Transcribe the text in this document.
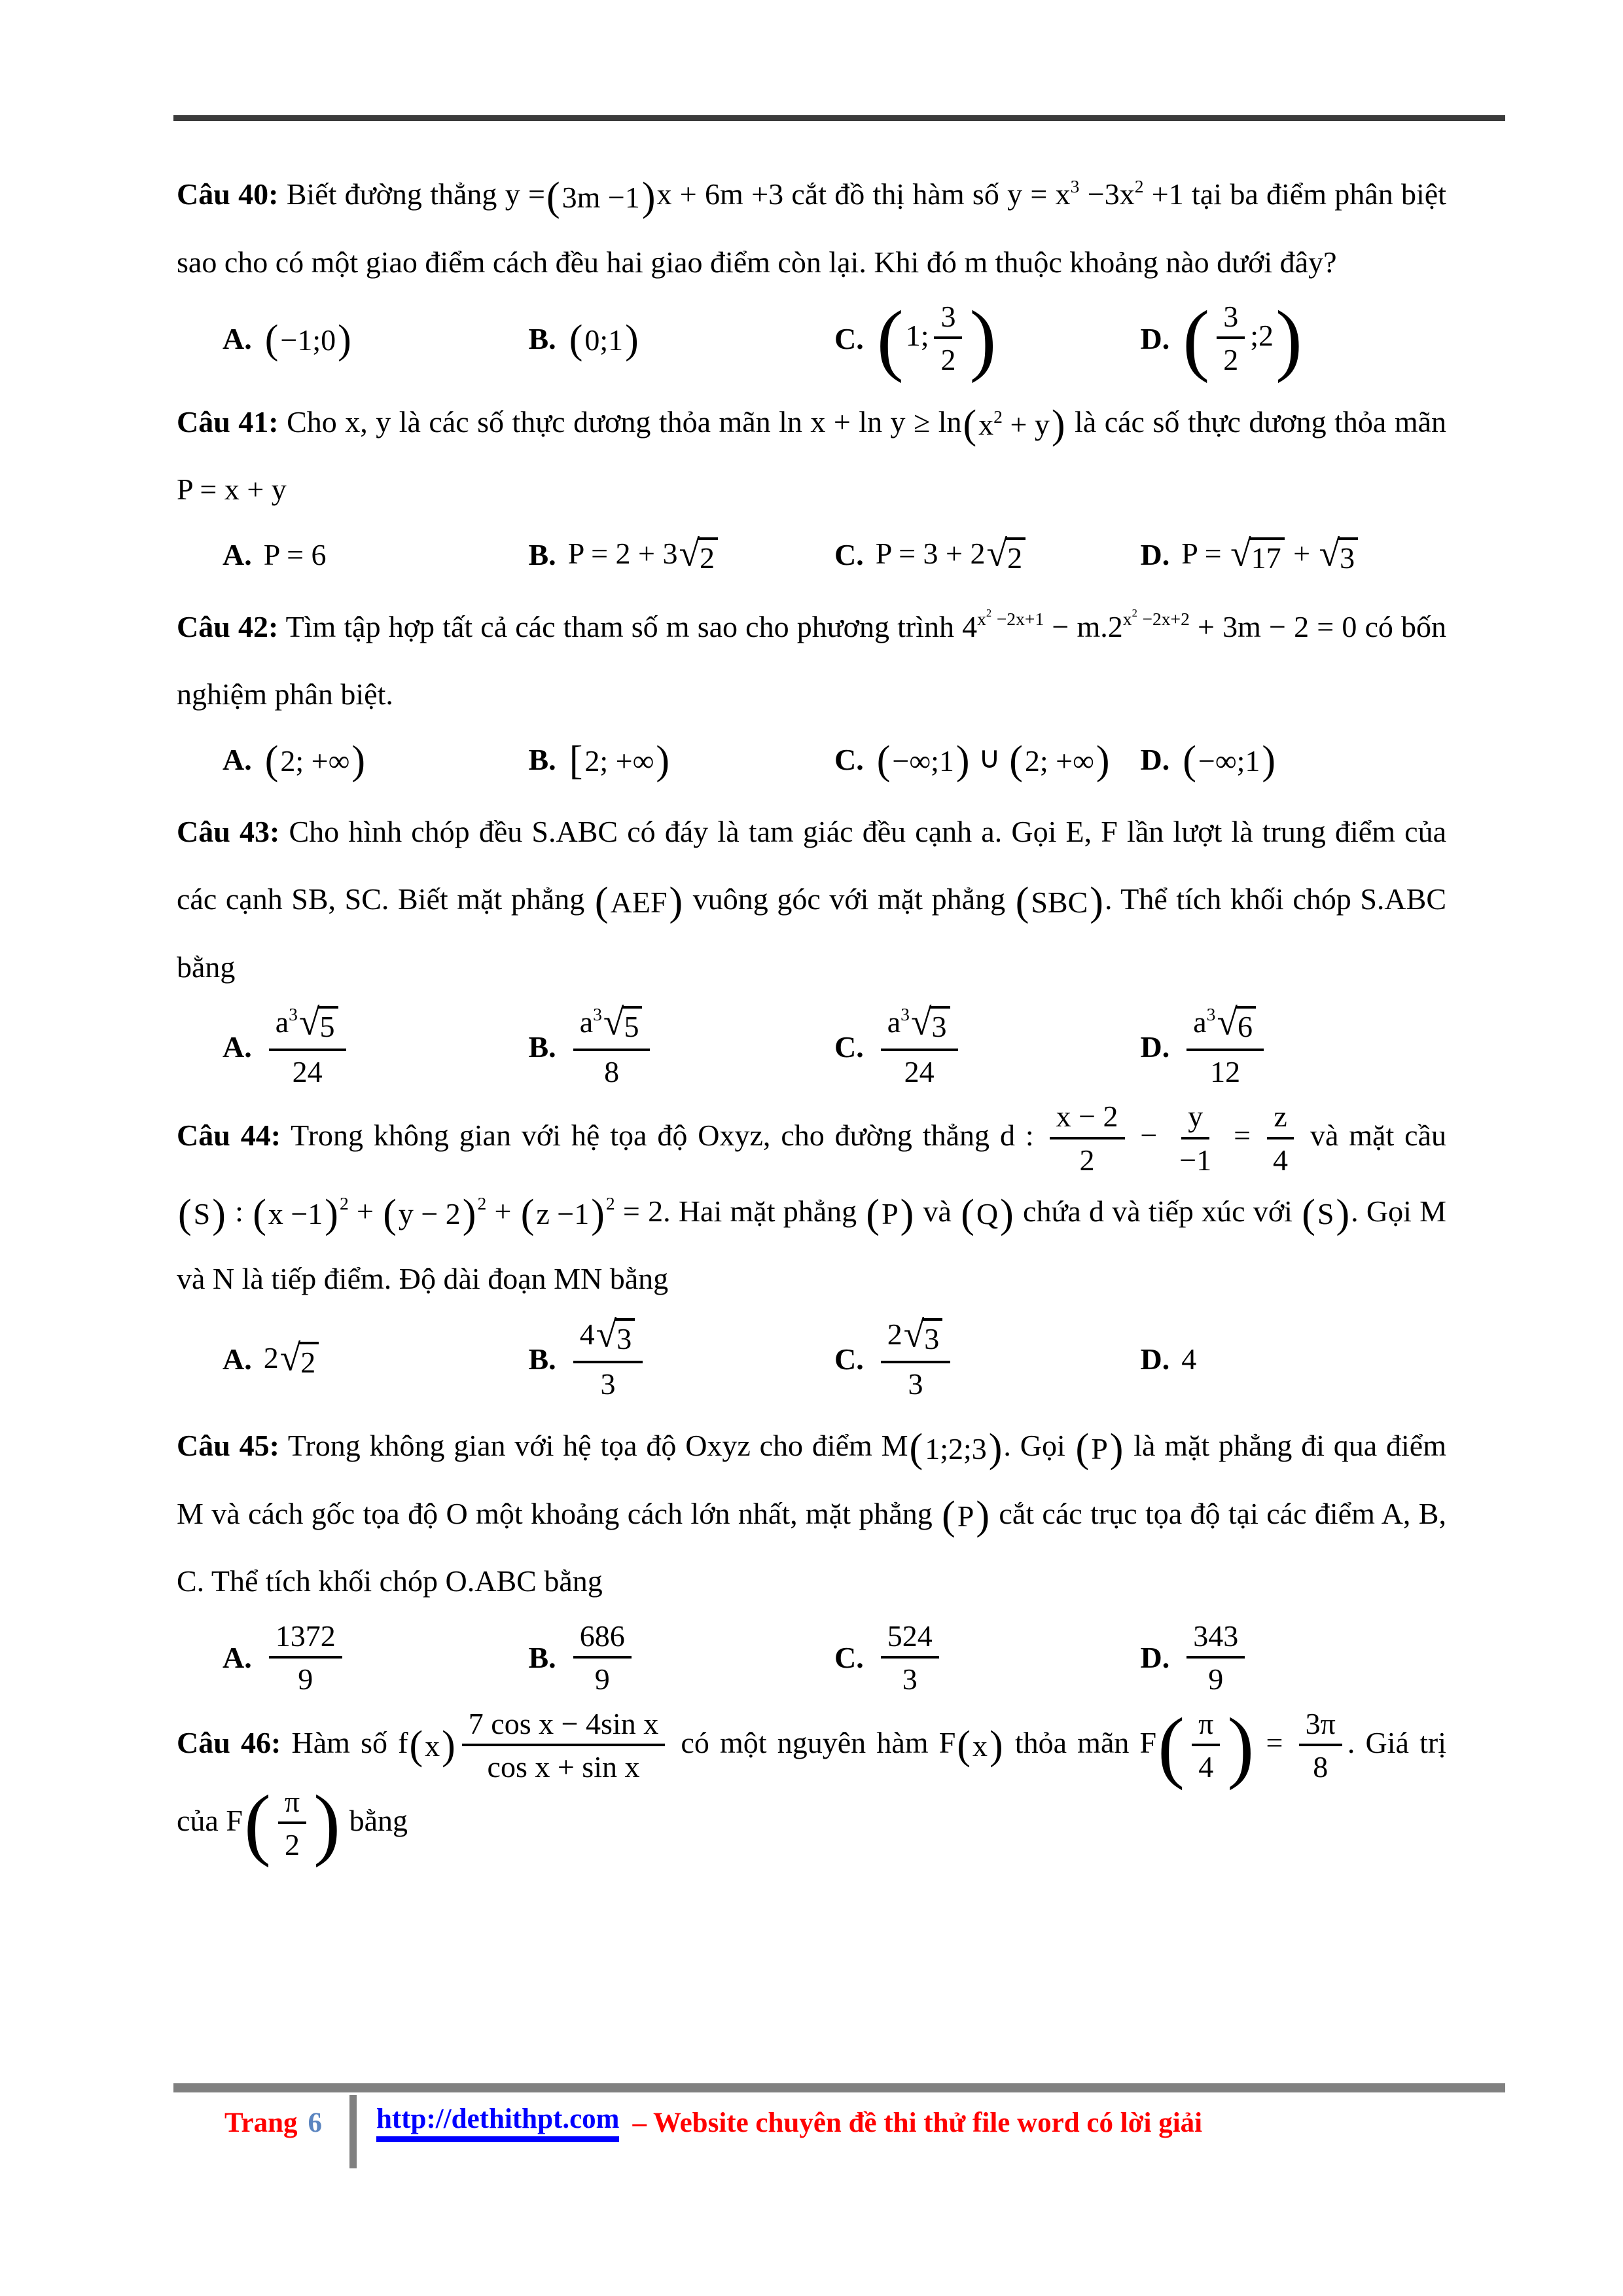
Câu 40: Biết đường thẳng y = ( 3m −1 ) x + 6m +3 cắt đồ thị hàm số $y = x^3 -3x^2 +1$ tại ba điểm phân biệt sao cho có một giao điểm cách đều hai giao điểm còn lại. Khi đó m thuộc khoảng nào dưới đây?

A. ( −1;0 )	B. ( 0;1 )	C. ( 1; $\frac{3}{2}$ )	D. ( $\frac{3}{2}$ ;2 )

Câu 41: Cho x, y là các số thực dương thỏa mãn ln x + ln y ≥ ln ( $x^2 + y$ ) là các số thực dương thỏa mãn P = x + y

A. P = 6	B. P = 2 + 3 √ 2	C. P = 3 + 2 √ 2	D. P = √ 17 + √ 3

Câu 42: Tìm tập hợp tất cả các tham số m sao cho phương trình $4^{x^2 -2x+1} - m.2^{x^2 -2x+2} + 3m - 2 = 0$ có bốn nghiệm phân biệt.

A. ( 2; +∞ )	B. [ 2; +∞ )	C. ( −∞;1 ) ∪ ( 2; +∞ ) D. ( −∞;1 )

Câu 43: Cho hình chóp đều S.ABC có đáy là tam giác đều cạnh a. Gọi E, F lần lượt là trung điểm của các cạnh SB, SC. Biết mặt phẳng ( AEF ) vuông góc với mặt phẳng ( SBC ) . Thể tích khối chóp S.ABC bằng

A. $\frac{a^3 √ 5}{24}$	B. $\frac{a^3 √ 5}{8}$	C. $\frac{a^3 √ 3}{24}$	D. $\frac{a^3 √ 6}{12}$

Câu 44: Trong không gian với hệ tọa độ Oxyz, cho đường thẳng d : $\frac{x - 2}{2} - \frac{y}{-1} = \frac{z}{4}$ và mặt cầu
( S ) : ( x −1 ) $^2$ + ( y − 2 ) $^2$ + ( z −1 ) $^2$ = 2. Hai mặt phẳng ( P ) và ( Q ) chứa d và tiếp xúc với ( S ) . Gọi M và N là tiếp điểm. Độ dài đoạn MN bằng

A. 2 √ 2	B. $\frac{4 √ 3}{3}$	C. $\frac{2 √ 3}{3}$	D. 4

Câu 45: Trong không gian với hệ tọa độ Oxyz cho điểm M ( 1;2;3 ) . Gọi ( P ) là mặt phẳng đi qua điểm M và cách gốc tọa độ O một khoảng cách lớn nhất, mặt phẳng ( P ) cắt các trục tọa độ tại các điểm A, B, C. Thể tích khối chóp O.ABC bằng

A. $\frac{1372}{9}$	B. $\frac{686}{9}$	C. $\frac{524}{3}$	D. $\frac{343}{9}$

Câu 46: Hàm số f ( x ) $\frac{\text{7 cos x − 4sin x}}{\text{cos x + sin x}}$ có một nguyên hàm F ( x ) thỏa mãn F ( $\frac{\pi}{4}$ ) = $\frac{3\pi}{8}$ . Giá trị của F ( $\frac{\pi}{2}$ ) bằng

Trang 6 http://dethithpt.com – Website chuyên đề thi thử file word có lời giải
